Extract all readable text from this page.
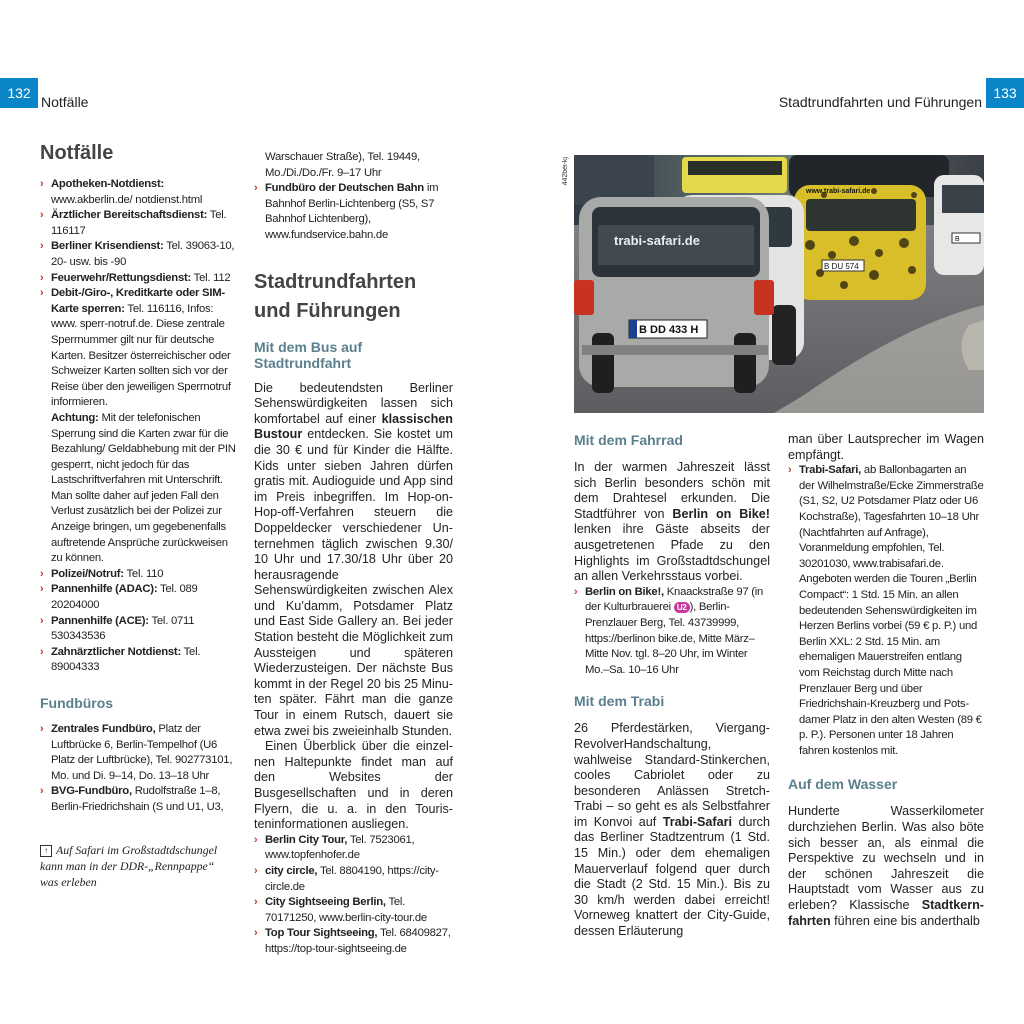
132
Notfälle	Stadtrundfahrten und Führungen
133
Notfälle
› Apotheken-Notdienst: www.akberlin.de/ notdienst.html
› Ärztlicher Bereitschaftsdienst: Tel. 116117
› Berliner Krisendienst: Tel. 39063-10, 20- usw. bis -90
› Feuerwehr/Rettungsdienst: Tel. 112
› Debit-/Giro-, Kreditkarte oder SIM-Karte sperren: Tel. 116116, Infos: www. sperr-notruf.de. Diese zentrale Sperrnummer gilt nur für deutsche Karten. Besitzer österreichischer oder Schweizer Karten sollten sich vor der Reise über den jeweiligen Sperrnotruf informieren.
Achtung: Mit der telefonischen Sperrung sind die Karten zwar für die Bezahlung/ Geldabhebung mit der PIN gesperrt, nicht jedoch für das Lastschriftverfahren mit Unterschrift. Man sollte daher auf jeden Fall den Verlust zusätzlich bei der Polizei zur Anzeige bringen, um gegebenenfalls auftretende Ansprüche zurückweisen zu können.
› Polizei/Notruf: Tel. 110
› Pannenhilfe (ADAC): Tel. 089 20204000
› Pannenhilfe (ACE): Tel. 0711 530343536
› Zahnärztlicher Notdienst: Tel. 89004333
Fundbüros
› Zentrales Fundbüro, Platz der Luftbrücke 6, Berlin-Tempelhof (U6 Platz der Luftbrücke), Tel. 902773101, Mo. und Di. 9–14, Do. 13–18 Uhr
› BVG-Fundbüro, Rudolfstraße 1–8, Berlin-Friedrichshain (S und U1, U3,
↑ Auf Safari im Großstadtdschungel kann man in der DDR-„Rennpappe“ was erleben
Warschauer Straße), Tel. 19449,
Mo./Di./Do./Fr. 9–17 Uhr
› Fundbüro der Deutschen Bahn im Bahnhof Berlin-Lichtenberg (S5, S7 Bahnhof Lichtenberg), www.fundservice.bahn.de
Stadtrundfahrten
und Führungen
Mit dem Bus auf Stadtrundfahrt

Die bedeutendsten Berliner Sehenswürdigkeiten lassen sich komfortabel auf einer klassischen Bustour entdecken. Sie kostet um die 30 € und für Kinder die Hälfte. Kids unter sieben Jahren dürfen gratis mit. Audioguide und App sind im Preis inbegriffen. Im Hop-on-Hop-off-Verfahren steuern die Doppeldecker verschiedener Unternehmen täglich zwischen 9.30/ 10 Uhr und 17.30/18 Uhr über 20 herausragende Sehenswürdigkeiten zwischen Alex und Ku’damm, Potsdamer Platz und East Side Gallery an. Bei jeder Station besteht die Möglichkeit zum Aussteigen und späteren Wiederzusteigen. Der nächste Bus kommt in der Regel 20 bis 25 Minuten später. Fährt man die ganze Tour in einem Rutsch, dauert sie etwa zwei bis zweieinhalb Stunden.

Einen Überblick über die einzelnen Haltepunkte findet man auf den Websites der Busgesellschaften und in deren Flyern, die u. a. in den Touristeninformationen ausliegen.

› Berlin City Tour, Tel. 7523061, www.topfenhofer.de
› city circle, Tel. 8804190, https://city-circle.de
› City Sightseeing Berlin, Tel. 70171250, www.berlin-city-tour.de
› Top Tour Sightseeing, Tel. 68409827, https://top-tour-sightseeing.de
442bei-kj
B DU 574
www.trabi-safari.de
B
B DD 433 H
trabi-safari.de
Mit dem Fahrrad

In der warmen Jahreszeit lässt sich Berlin besonders schön mit dem Drahtesel erkunden. Die Stadtführer von Berlin on Bike! lenken ihre Gäste abseits der ausgetretenen Pfade zu den Highlights im Großstadtdschungel an allen Verkehrsstaus vorbei.

› Berlin on Bike!, Knaackstraße 97 (in der Kulturbrauerei U2 ), Berlin-Prenzlauer Berg, Tel. 43739999, https://berlinon bike.de, Mitte März–Mitte Nov. tgl. 8–20 Uhr, im Winter Mo.–Sa. 10–16 Uhr
Mit dem Trabi

26 Pferdestärken, Viergang-RevolverHandschaltung, wahlweise Standard-Stinkerchen, cooles Cabriolet oder zu besonderen Anlässen Stretch-Trabi – so geht es als Selbstfahrer im Konvoi auf Trabi-Safari durch das Berliner Stadtzentrum (1 Std. 15 Min.) oder dem ehemaligen Mauerverlauf folgend quer durch die Stadt (2 Std. 15 Min.). Bis zu 30 km/h werden dabei erreicht! Vorneweg knattert der City-Guide, dessen Erläuterung

man über Lautsprecher im Wagen empfängt.

› Trabi-Safari, ab Ballonbagarten an der Wilhelmstraße/Ecke Zimmerstraße (S1, S2, U2 Potsdamer Platz oder U6 Kochstraße), Tagesfahrten 10–18 Uhr (Nachtfahrten auf Anfrage), Voranmeldung empfohlen, Tel. 30201030, www.trabisafari.de. Angeboten werden die Touren „Berlin Compact“: 1 Std. 15 Min. an allen bedeutenden Sehenswürdigkeiten im Herzen Berlins vorbei (59 € p. P.) und Berlin XXL: 2 Std. 15 Min. am ehemaligen Mauerstreifen entlang vom Reichstag durch Mitte nach Prenzlauer Berg und über Friedrichshain-Kreuzberg und Potsdamer Platz in den alten Westen (89 € p. P.). Personen unter 18 Jahren fahren kostenlos mit.
Auf dem Wasser

Hunderte Wasserkilometer durchziehen Berlin. Was also böte sich besser an, als einmal die Perspektive zu wechseln und in der schönen Jahreszeit die Hauptstadt vom Wasser aus zu erleben? Klassische Stadtkernfahrten führen eine bis anderthalb
